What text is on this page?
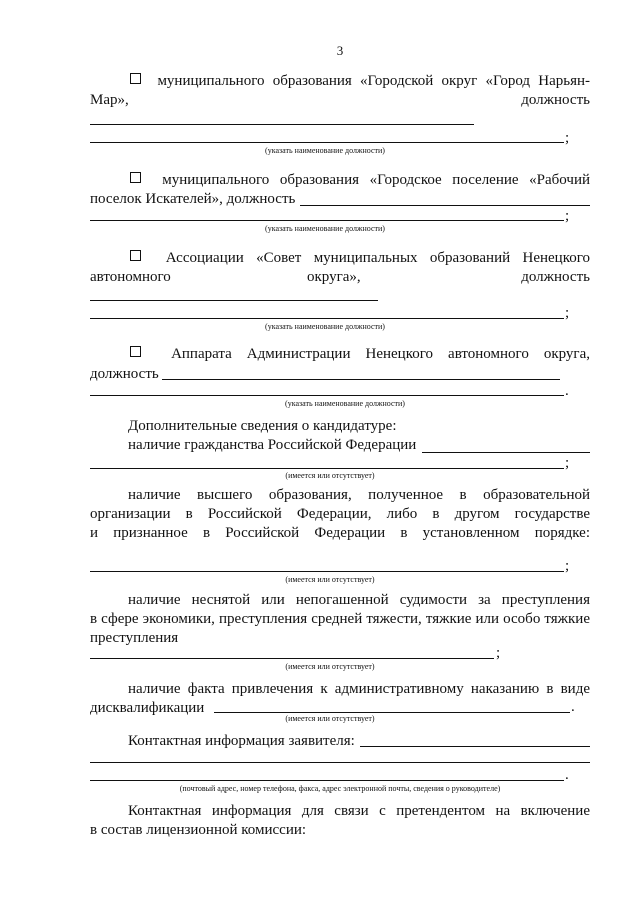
3
муниципального образования «Городской округ «Город Нарьян-
Мар»,	должность
;
(указать наименование должности)
муниципального образования «Городское поселение «Рабочий
поселок Искателей», должность
;
(указать наименование должности)
Ассоциации «Совет муниципальных образований Ненецкого
автономного	округа»,	должность
;
(указать наименование должности)
Аппарата Администрации Ненецкого автономного округа,
должность
.
(указать наименование должности)
Дополнительные сведения о кандидатуре:
наличие гражданства Российской Федерации
;
(имеется или отсутствует)
наличие высшего образования, полученное в образовательной
организации в Российской Федерации, либо в другом государстве
и признанное в Российской Федерации в установленном порядке:
;
(имеется или отсутствует)
наличие неснятой или непогашенной судимости за преступления
в сфере экономики, преступления средней тяжести, тяжкие или особо тяжкие
преступления
;
(имеется или отсутствует)
наличие факта привлечения к административному наказанию в виде
дисквалификации	.
(имеется или отсутствует)
Контактная информация заявителя:
.
(почтовый адрес, номер телефона, факса, адрес электронной почты, сведения о руководителе)
Контактная информация для связи с претендентом на включение
в состав лицензионной комиссии:
